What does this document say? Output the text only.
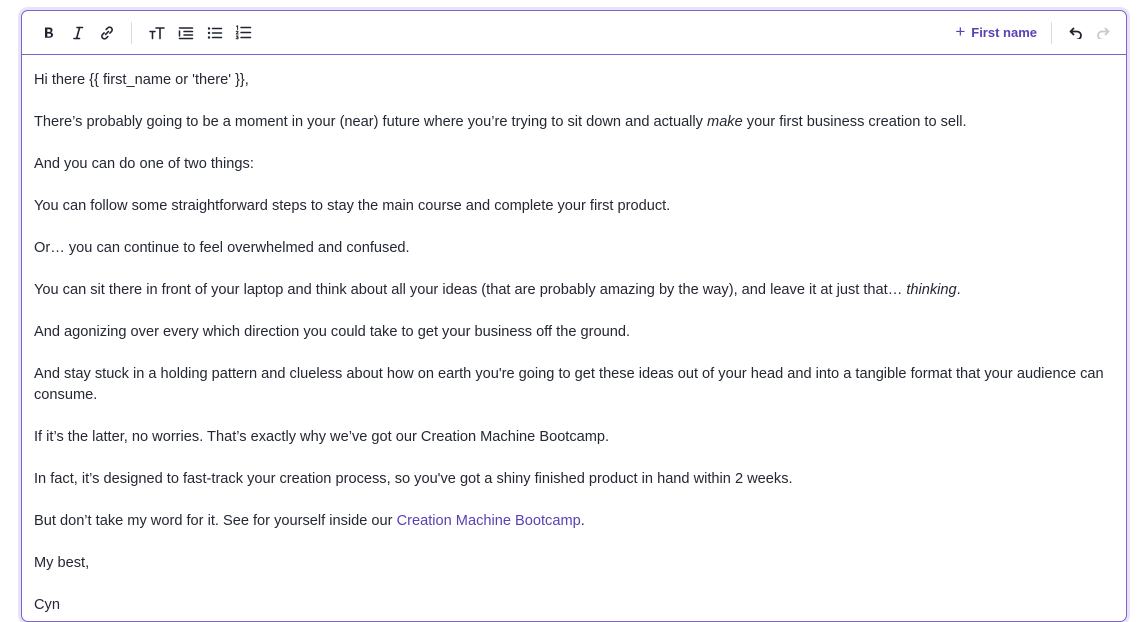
+ First name

Hi there {{ first_name or 'there' }},

There’s probably going to be a moment in your (near) future where you’re trying to sit down and actually make your first business creation to sell.

And you can do one of two things:

You can follow some straightforward steps to stay the main course and complete your first product.

Or… you can continue to feel overwhelmed and confused.

You can sit there in front of your laptop and think about all your ideas (that are probably amazing by the way), and leave it at just that… thinking.

And agonizing over every which direction you could take to get your business off the ground.

And stay stuck in a holding pattern and clueless about how on earth you're going to get these ideas out of your head and into a tangible format that your audience can consume.

If it’s the latter, no worries. That’s exactly why we’ve got our Creation Machine Bootcamp.

In fact, it’s designed to fast-track your creation process, so you've got a shiny finished product in hand within 2 weeks.

But don’t take my word for it. See for yourself inside our Creation Machine Bootcamp.

My best,

Cyn
